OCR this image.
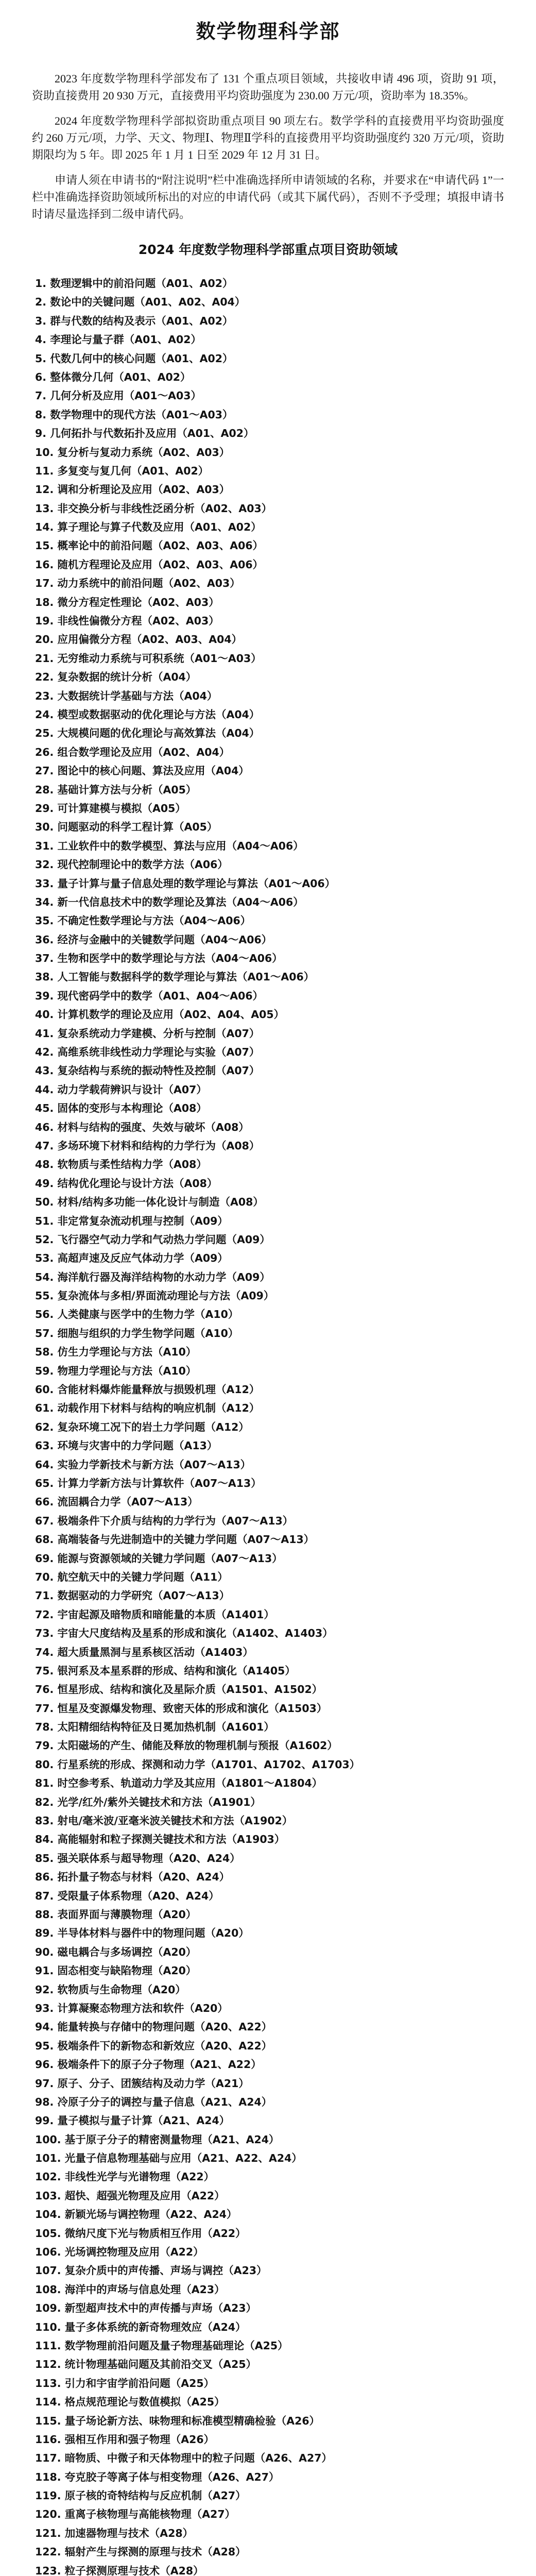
数学物理科学部

2023 年度数学物理科学部发布了 131 个重点项目领域，共接收申请 496 项，资助 91 项，资助直接费用 20 930 万元，直接费用平均资助强度为 230.00 万元/项，资助率为 18.35%。

2024 年度数学物理科学部拟资助重点项目 90 项左右。数学学科的直接费用平均资助强度约 260 万元/项，力学、天文、物理Ⅰ、物理Ⅱ学科的直接费用平均资助强度约 320 万元/项，资助期限均为 5 年。即 2025 年 1 月 1 日至 2029 年 12 月 31 日。

申请人须在申请书的“附注说明”栏中准确选择所申请领域的名称，并要求在“申请代码 1”一栏中准确选择资助领域所标出的对应的申请代码（或其下属代码），否则不予受理；填报申请书时请尽量选择到二级申请代码。

2024 年度数学物理科学部重点项目资助领域
1.
数理逻辑中的前沿问题（A01、A02）
2.
数论中的关键问题（A01、A02、A04）
3.
群与代数的结构及表示（A01、A02）
4.
李理论与量子群（A01、A02）
5.
代数几何中的核心问题（A01、A02）
6.
整体微分几何（A01、A02）
7.
几何分析及应用（A01～A03）
8.
数学物理中的现代方法（A01～A03）
9.
几何拓扑与代数拓扑及应用（A01、A02）
10.
复分析与复动力系统（A02、A03）
11.
多复变与复几何（A01、A02）
12.
调和分析理论及应用（A02、A03）
13.
非交换分析与非线性泛函分析（A02、A03）
14.
算子理论与算子代数及应用（A01、A02）
15.
概率论中的前沿问题（A02、A03、A06）
16.
随机方程理论及应用（A02、A03、A06）
17.
动力系统中的前沿问题（A02、A03）
18.
微分方程定性理论（A02、A03）
19.
非线性偏微分方程（A02、A03）
20.
应用偏微分方程（A02、A03、A04）
21.
无穷维动力系统与可积系统（A01～A03）
22.
复杂数据的统计分析（A04）
23.
大数据统计学基础与方法（A04）
24.
模型或数据驱动的优化理论与方法（A04）
25.
大规模问题的优化理论与高效算法（A04）
26.
组合数学理论及应用（A02、A04）
27.
图论中的核心问题、算法及应用（A04）
28.
基础计算方法与分析（A05）
29.
可计算建模与模拟（A05）
30.
问题驱动的科学工程计算（A05）
31.
工业软件中的数学模型、算法与应用（A04～A06）
32.
现代控制理论中的数学方法（A06）
33.
量子计算与量子信息处理的数学理论与算法（A01～A06）
34.
新一代信息技术中的数学理论及算法（A04～A06）
35.
不确定性数学理论与方法（A04～A06）
36.
经济与金融中的关键数学问题（A04～A06）
37.
生物和医学中的数学理论与方法（A04～A06）
38.
人工智能与数据科学的数学理论与算法（A01～A06）
39.
现代密码学中的数学（A01、A04～A06）
40.
计算机数学的理论及应用（A02、A04、A05）
41.
复杂系统动力学建模、分析与控制（A07）
42.
高维系统非线性动力学理论与实验（A07）
43.
复杂结构与系统的振动特性及控制（A07）
44.
动力学载荷辨识与设计（A07）
45.
固体的变形与本构理论（A08）
46.
材料与结构的强度、失效与破坏（A08）
47.
多场环境下材料和结构的力学行为（A08）
48.
软物质与柔性结构力学（A08）
49.
结构优化理论与设计方法（A08）
50.
材料/结构多功能一体化设计与制造（A08）
51.
非定常复杂流动机理与控制（A09）
52.
飞行器空气动力学和气动热力学问题（A09）
53.
高超声速及反应气体动力学（A09）
54.
海洋航行器及海洋结构物的水动力学（A09）
55.
复杂流体与多相/界面流动理论与方法（A09）
56.
人类健康与医学中的生物力学（A10）
57.
细胞与组织的力学生物学问题（A10）
58.
仿生力学理论与方法（A10）
59.
物理力学理论与方法（A10）
60.
含能材料爆炸能量释放与损毁机理（A12）
61.
动载作用下材料与结构的响应机制（A12）
62.
复杂环境工况下的岩土力学问题（A12）
63.
环境与灾害中的力学问题（A13）
64.
实验力学新技术与新方法（A07～A13）
65.
计算力学新方法与计算软件（A07～A13）
66.
流固耦合力学（A07～A13）
67.
极端条件下介质与结构的力学行为（A07～A13）
68.
高端装备与先进制造中的关键力学问题（A07～A13）
69.
能源与资源领域的关键力学问题（A07～A13）
70.
航空航天中的关键力学问题（A11）
71.
数据驱动的力学研究（A07～A13）
72.
宇宙起源及暗物质和暗能量的本质（A1401）
73.
宇宙大尺度结构及星系的形成和演化（A1402、A1403）
74.
超大质量黑洞与星系核区活动（A1403）
75.
银河系及本星系群的形成、结构和演化（A1405）
76.
恒星形成、结构和演化及星际介质（A1501、A1502）
77.
恒星及变源爆发物理、致密天体的形成和演化（A1503）
78.
太阳精细结构特征及日冕加热机制（A1601）
79.
太阳磁场的产生、储能及释放的物理机制与预报（A1602）
80.
行星系统的形成、探测和动力学（A1701、A1702、A1703）
81.
时空参考系、轨道动力学及其应用（A1801～A1804）
82.
光学/红外/紫外关键技术和方法（A1901）
83.
射电/毫米波/亚毫米波关键技术和方法（A1902）
84.
高能辐射和粒子探测关键技术和方法（A1903）
85.
强关联体系与超导物理（A20、A24）
86.
拓扑量子物态与材料（A20、A24）
87.
受限量子体系物理（A20、A24）
88.
表面界面与薄膜物理（A20）
89.
半导体材料与器件中的物理问题（A20）
90.
磁电耦合与多场调控（A20）
91.
固态相变与缺陷物理（A20）
92.
软物质与生命物理（A20）
93.
计算凝聚态物理方法和软件（A20）
94.
能量转换与存储中的物理问题（A20、A22）
95.
极端条件下的新物态和新效应（A20、A22）
96.
极端条件下的原子分子物理（A21、A22）
97.
原子、分子、团簇结构及动力学（A21）
98.
冷原子分子的调控与量子信息（A21、A24）
99.
量子模拟与量子计算（A21、A24）
100.
基于原子分子的精密测量物理（A21、A24）
101.
光量子信息物理基础与应用（A21、A22、A24）
102.
非线性光学与光谱物理（A22）
103.
超快、超强光物理及应用（A22）
104.
新颖光场与调控物理（A22、A24）
105.
微纳尺度下光与物质相互作用（A22）
106.
光场调控物理及应用（A22）
107.
复杂介质中的声传播、声场与调控（A23）
108.
海洋中的声场与信息处理（A23）
109.
新型超声技术中的声传播与声场（A23）
110.
量子多体系统的新奇物理效应（A24）
111.
数学物理前沿问题及量子物理基础理论（A25）
112.
统计物理基础问题及其前沿交叉（A25）
113.
引力和宇宙学前沿问题（A25）
114.
格点规范理论与数值模拟（A25）
115.
量子场论新方法、味物理和标准模型精确检验（A26）
116.
强相互作用和强子物理（A26）
117.
暗物质、中微子和天体物理中的粒子问题（A26、A27）
118.
夸克胶子等离子体与相变物理（A26、A27）
119.
原子核的奇特结构与反应机制（A27）
120.
重离子核物理与高能核物理（A27）
121.
加速器物理与技术（A28）
122.
辐射产生与探测的原理与技术（A28）
123.
粒子探测原理与技术（A28）
